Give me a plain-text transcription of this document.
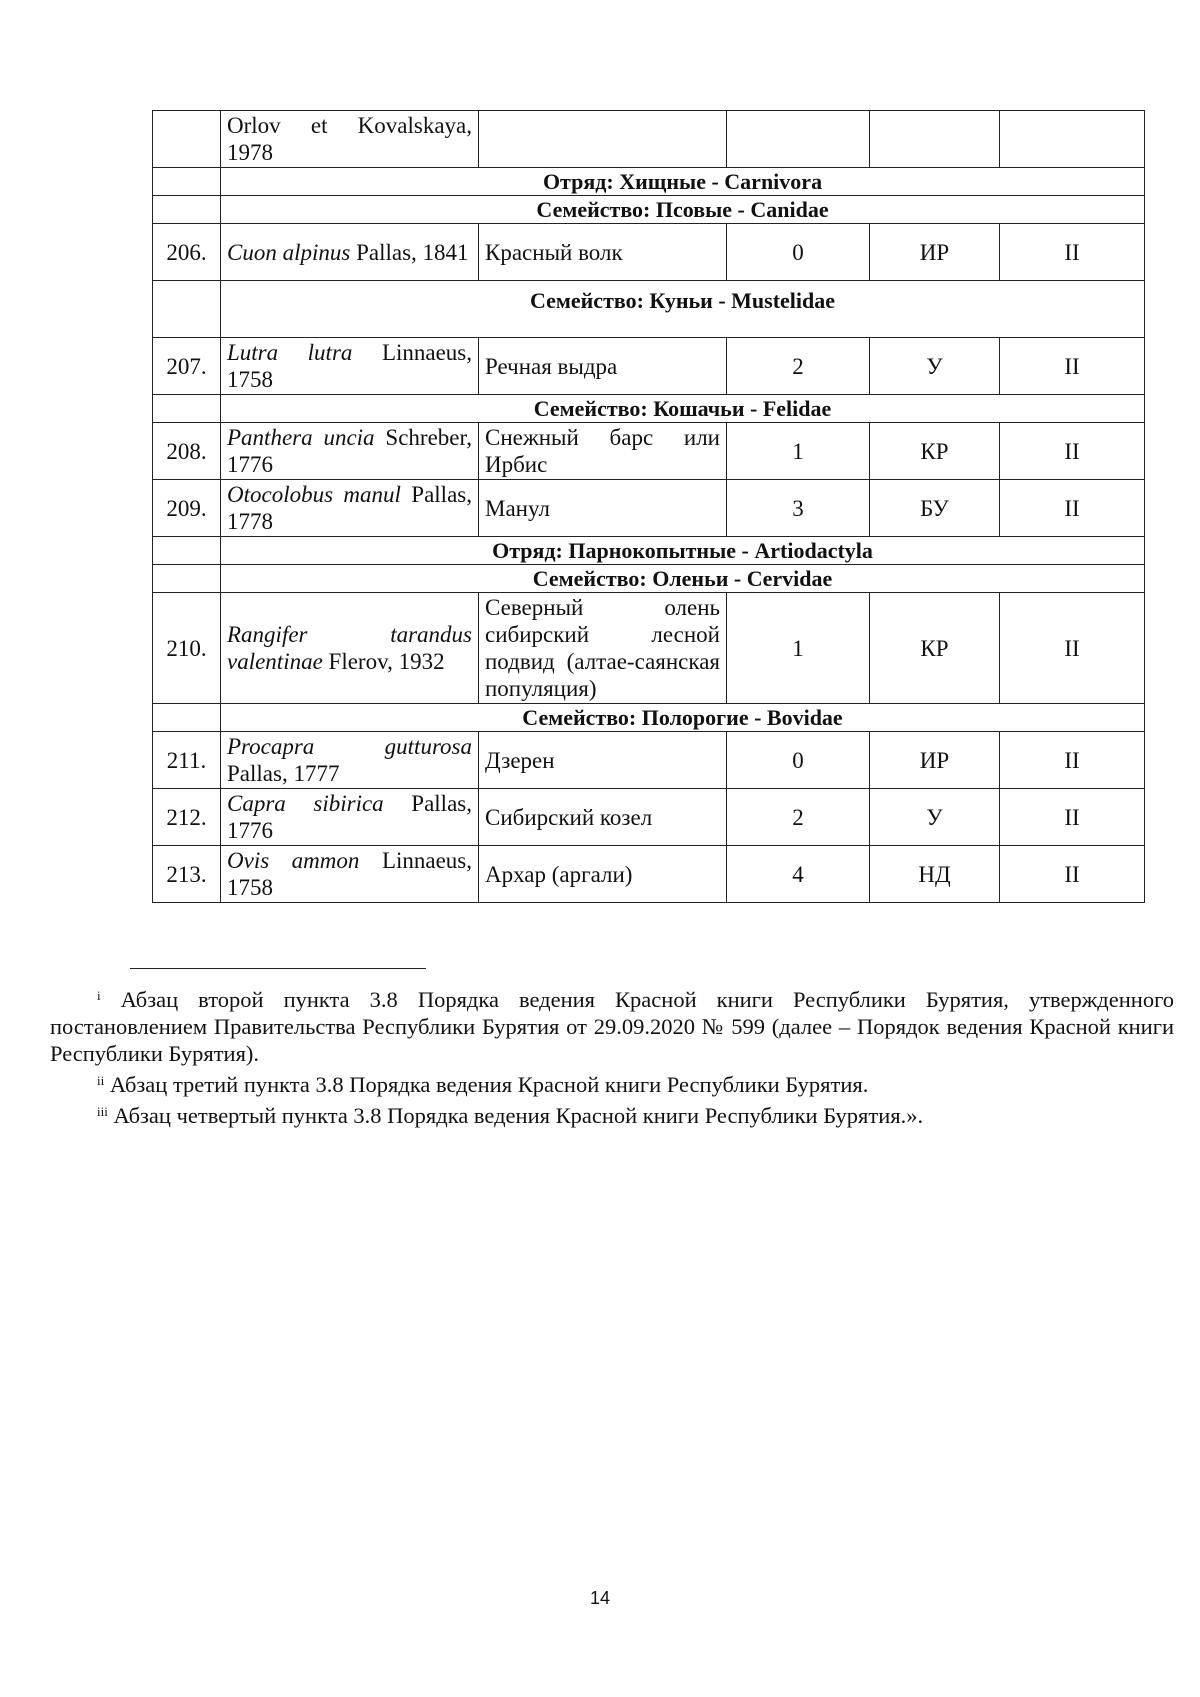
	Orlov et Kovalskaya, 1978				
	Отряд: Хищные - Carnivora				
	Семейство: Псовые - Canidae				
206.	Cuon alpinus Pallas, 1841	Красный волк	0	ИР	II
	Семейство: Куньи - Mustelidae				
207.	Lutra lutra Linnaeus, 1758	Речная выдра	2	У	II
	Семейство: Кошачьи - Felidae				
208.	Panthera uncia Schreber, 1776	Снежный барс или Ирбис	1	КР	II
209.	Otocolobus manul Pallas, 1778	Манул	3	БУ	II
	Отряд: Парнокопытные - Artiodactyla				
	Семейство: Оленьи - Cervidae				
210.	Rangifer tarandus valentinae Flerov, 1932	Северный олень сибирский лесной подвид (алтае-саянская популяция)	1	КР	II
	Семейство: Полорогие - Bovidae				
211.	Procapra gutturosa Pallas, 1777	Дзерен	0	ИР	II
212.	Capra sibirica Pallas, 1776	Сибирский козел	2	У	II
213.	Ovis ammon Linnaeus, 1758	Архар (аргали)	4	НД	II

$^i$ Абзац второй пункта 3.8 Порядка ведения Красной книги Республики Бурятия, утвержденного постановлением Правительства Республики Бурятия от 29.09.2020 № 599 (далее – Порядок ведения Красной книги Республики Бурятия).

$^{ii}$ Абзац третий пункта 3.8 Порядка ведения Красной книги Республики Бурятия.

$^{iii}$ Абзац четвертый пункта 3.8 Порядка ведения Красной книги Республики Бурятия.».

14
